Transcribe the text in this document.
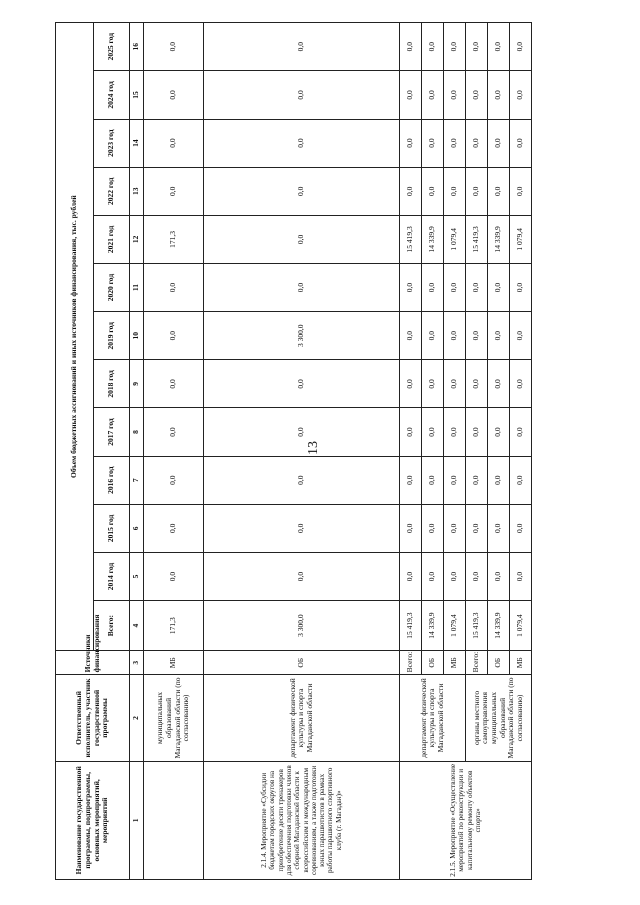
13
Наименование государственной программы, подпрограммы, основных мероприятий, мероприятий	Ответственный исполнитель, участник государственной программы	Источники финансирования	Объем бюджетных ассигнований и иных источников финансирования, тыс. рублей												
			Всего:	2014 год	2015 год	2016 год	2017 год	2018 год	2019 год	2020 год	2021 год	2022 год	2023 год	2024 год	2025 год
1	2	3	4	5	6	7	8	9	10	11	12	13	14	15	16
	муниципальных образований Магаданской области (по согласованию)	МБ	171,3	0,0	0,0	0,0	0,0	0,0	0,0	0,0	171,3	0,0	0,0	0,0	0,0
2.1.4. Мероприятие «Субсидии бюджетам городских округов на приобретение десяти тренажеров для обеспечения подготовки членов сборной Магаданской области к всероссийским и международным соревнованиям, а также подготовки юных парашютистов в рамках работы парашютного спортивного клуба (г. Магадан)»	департамент физической культуры и спорта Магаданской области	ОБ	3 300,0	0,0	0,0	0,0	0,0	0,0	3 300,0	0,0	0,0	0,0	0,0	0,0	0,0
2.1.5. Мероприятие «Осуществление мероприятий по реконструкции и капитальному ремонту объектов спорта»	департамент физической культуры и спорта Магаданской области	Всего:	15 419,3	0,0	0,0	0,0	0,0	0,0	0,0	0,0	15 419,3	0,0	0,0	0,0	0,0
		ОБ	14 339,9	0,0	0,0	0,0	0,0	0,0	0,0	0,0	14 339,9	0,0	0,0	0,0	0,0
		МБ	1 079,4	0,0	0,0	0,0	0,0	0,0	0,0	0,0	1 079,4	0,0	0,0	0,0	0,0
	органы местного самоуправления муниципальных образований Магаданской области (по согласованию)	Всего:	15 419,3	0,0	0,0	0,0	0,0	0,0	0,0	0,0	15 419,3	0,0	0,0	0,0	0,0
		ОБ	14 339,9	0,0	0,0	0,0	0,0	0,0	0,0	0,0	14 339,9	0,0	0,0	0,0	0,0
		МБ	1 079,4	0,0	0,0	0,0	0,0	0,0	0,0	0,0	1 079,4	0,0	0,0	0,0	0,0
